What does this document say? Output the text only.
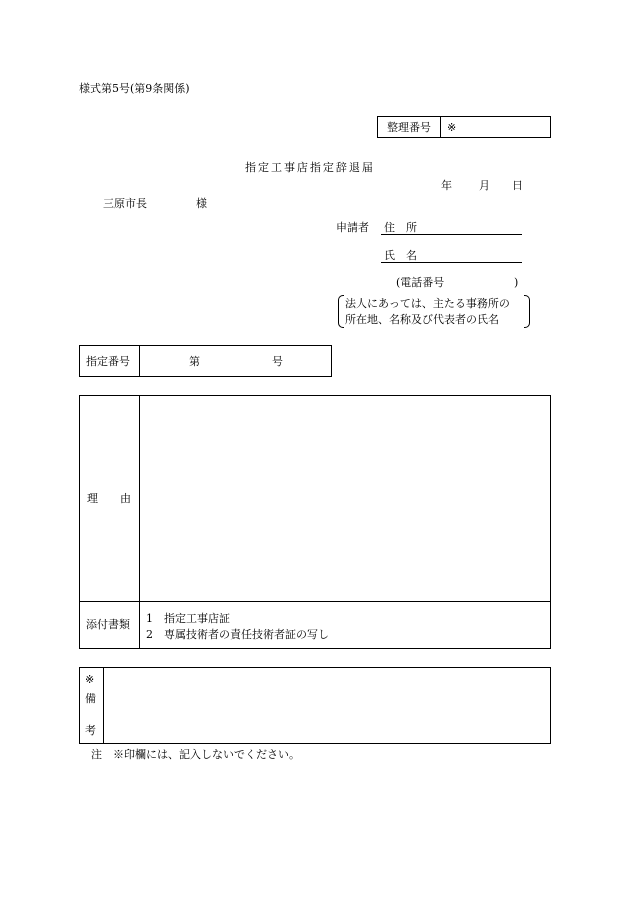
様式第5号(第9条関係)
整理番号 ※
指定工事店指定辞退届
年 月 日
三原市長	様
申請者 住　所
氏　名
(電話番号	)
法人にあっては、主たる事務所の
所在地、名称及び代表者の氏名
指定番号	第	号
理　　由
添付書類 1　指定工事店証
2　専属技術者の責任技術者証の写し
※
備
考
注　※印欄には、記入しないでください。
